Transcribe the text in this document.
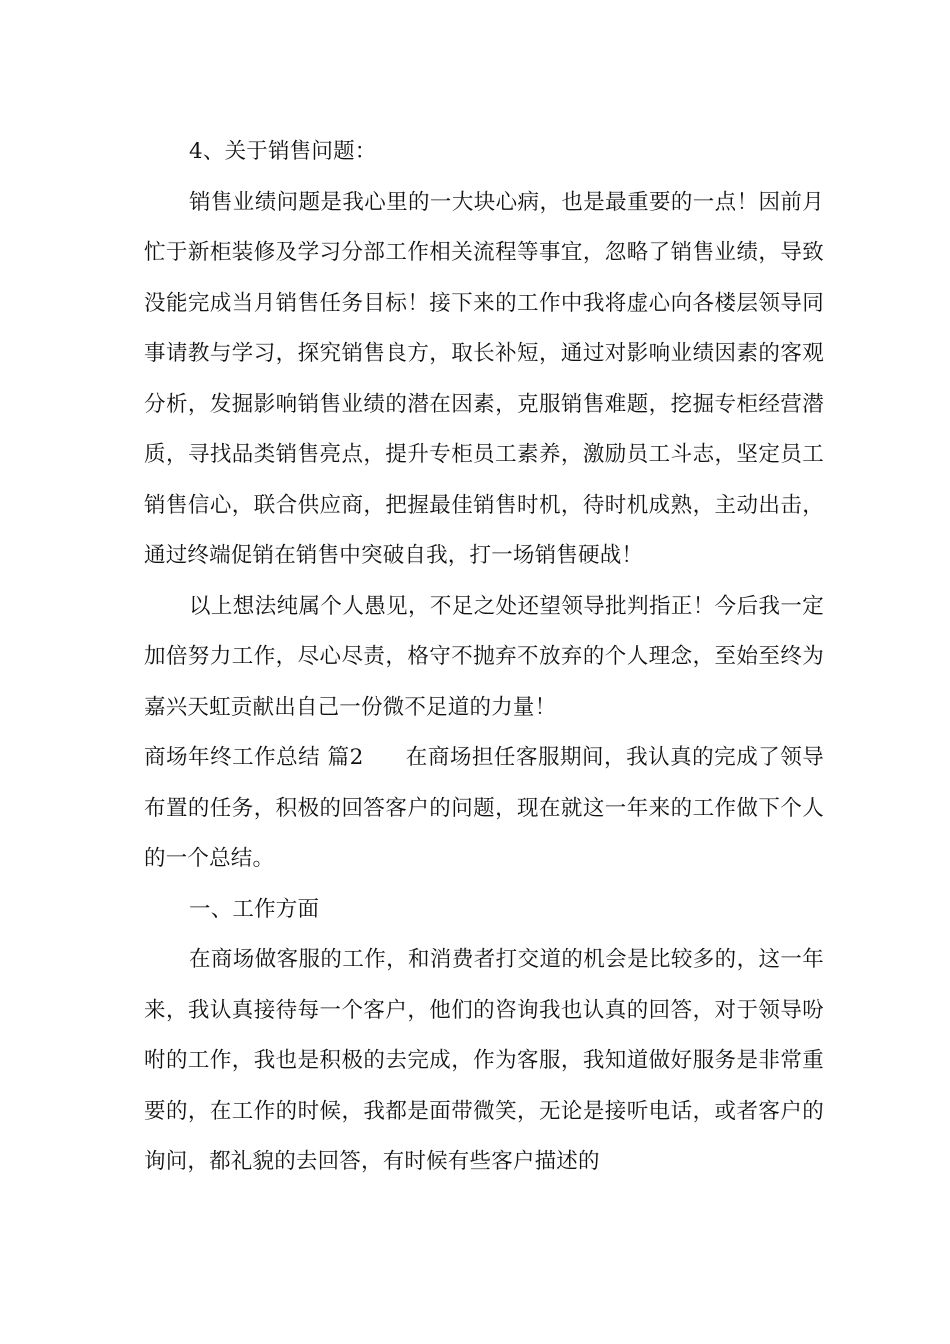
4、关于销售问题：

销售业绩问题是我心里的一大块心病，也是最重要的一点！因前月忙于新柜装修及学习分部工作相关流程等事宜，忽略了销售业绩，导致没能完成当月销售任务目标！接下来的工作中我将虚心向各楼层领导同事请教与学习，探究销售良方，取长补短，通过对影响业绩因素的客观分析，发掘影响销售业绩的潜在因素，克服销售难题，挖掘专柜经营潜质，寻找品类销售亮点，提升专柜员工素养，激励员工斗志，坚定员工销售信心，联合供应商，把握最佳销售时机，待时机成熟，主动出击，通过终端促销在销售中突破自我，打一场销售硬战！

以上想法纯属个人愚见，不足之处还望领导批判指正！今后我一定加倍努力工作，尽心尽责，格守不抛弃不放弃的个人理念，至始至终为嘉兴天虹贡献出自己一份微不足道的力量！

商场年终工作总结 篇2 在商场担任客服期间，我认真的完成了领导布置的任务，积极的回答客户的问题，现在就这一年来的工作做下个人的一个总结。

一、工作方面

在商场做客服的工作，和消费者打交道的机会是比较多的，这一年来，我认真接待每一个客户，他们的咨询我也认真的回答，对于领导吩咐的工作，我也是积极的去完成，作为客服，我知道做好服务是非常重要的，在工作的时候，我都是面带微笑，无论是接听电话，或者客户的询问，都礼貌的去回答，有时候有些客户描述的
